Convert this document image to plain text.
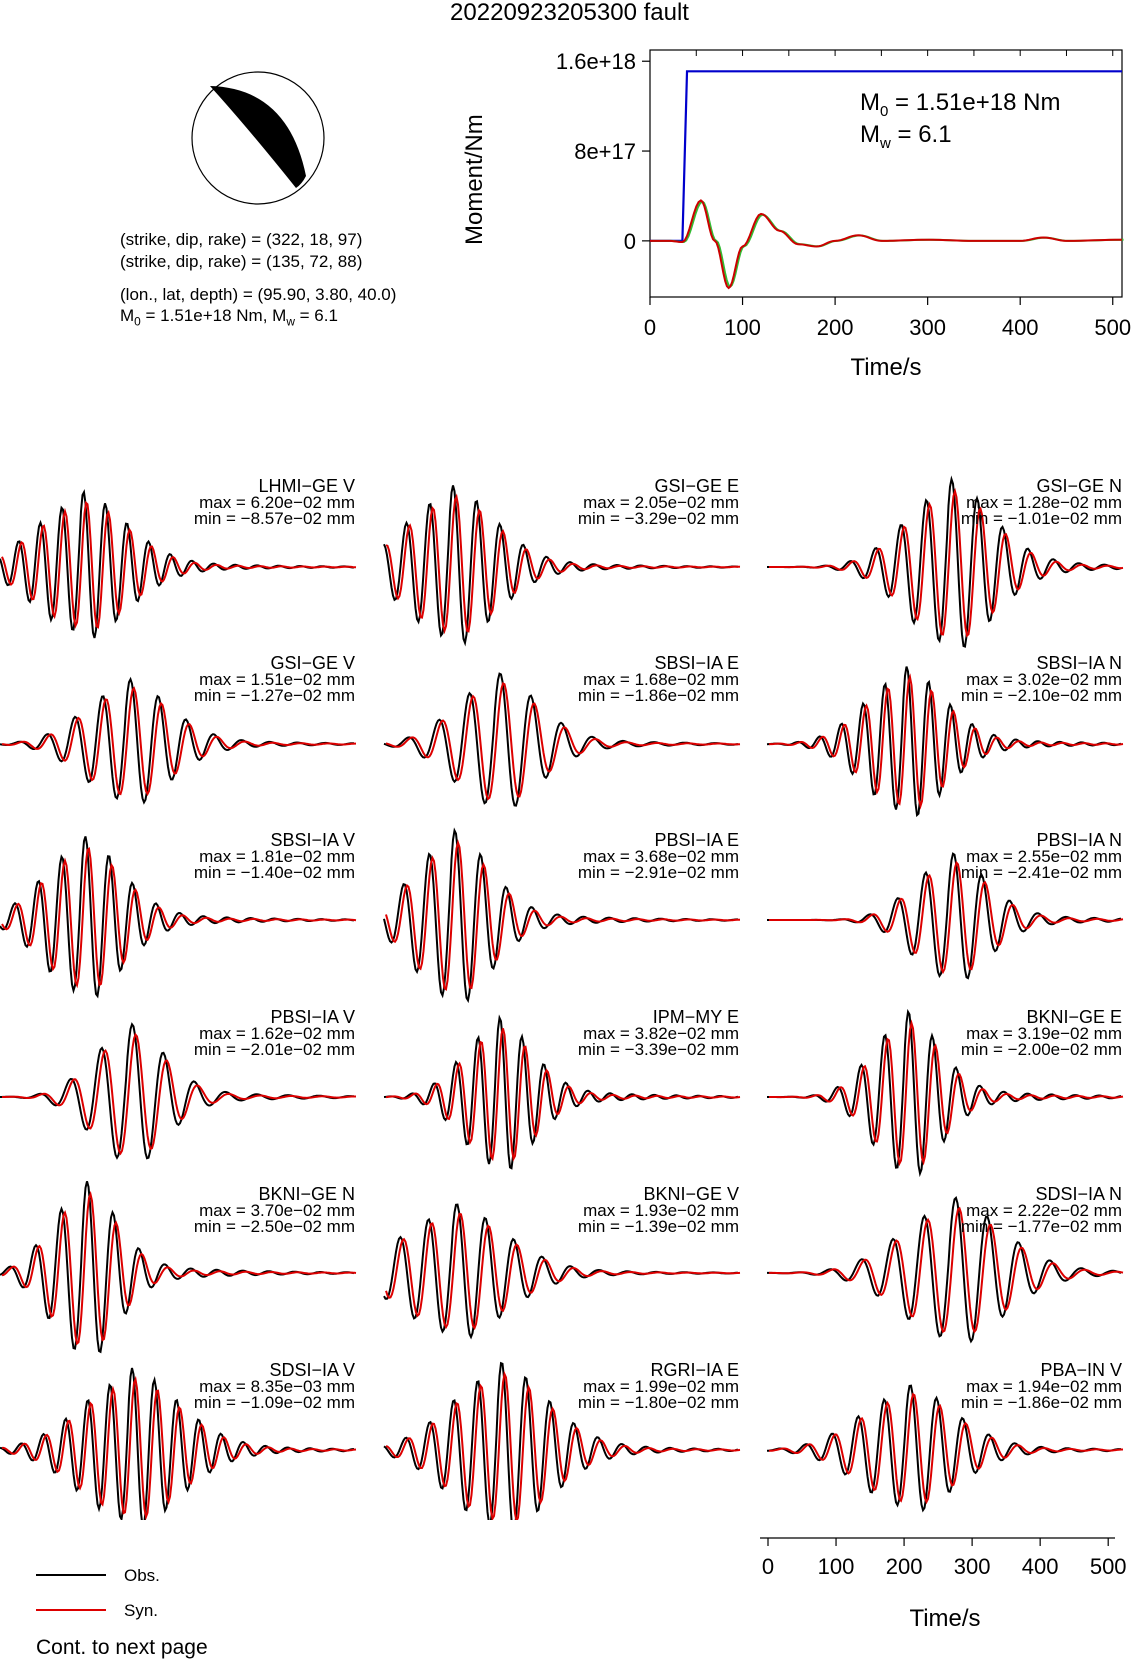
20220923205300 fault
(strike, dip, rake) = (322, 18, 97)
(strike, dip, rake) = (135, 72, 88)
(lon., lat, depth) = (95.90, 3.80, 40.0)
$M_0 = 1.51e+18$ Nm, $M_w = 6.1$
0
8e+17
1.6e+18
0	100	200	300	400	500
Moment/Nm
Time/s
$M_0 = 1.51e+18$ Nm
$M_w = 6.1$
LHMI−GE V
max = 6.20e−02 mm
min = −8.57e−02 mm
GSI−GE E
max = 2.05e−02 mm
min = −3.29e−02 mm
GSI−GE N
max = 1.28e−02 mm
min = −1.01e−02 mm
GSI−GE V
max = 1.51e−02 mm
min = −1.27e−02 mm
SBSI−IA E
max = 1.68e−02 mm
min = −1.86e−02 mm
SBSI−IA N
max = 3.02e−02 mm
min = −2.10e−02 mm
SBSI−IA V
max = 1.81e−02 mm
min = −1.40e−02 mm
PBSI−IA E
max = 3.68e−02 mm
min = −2.91e−02 mm
PBSI−IA N
max = 2.55e−02 mm
min = −2.41e−02 mm
PBSI−IA V
max = 1.62e−02 mm
min = −2.01e−02 mm
IPM−MY E
max = 3.82e−02 mm
min = −3.39e−02 mm
BKNI−GE E
max = 3.19e−02 mm
min = −2.00e−02 mm
BKNI−GE N
max = 3.70e−02 mm
min = −2.50e−02 mm
BKNI−GE V
max = 1.93e−02 mm
min = −1.39e−02 mm
SDSI−IA N
max = 2.22e−02 mm
min = −1.77e−02 mm
SDSI−IA V
max = 8.35e−03 mm
min = −1.09e−02 mm
RGRI−IA E
max = 1.99e−02 mm
min = −1.80e−02 mm
PBA−IN V
max = 1.94e−02 mm
min = −1.86e−02 mm
0 100 200 300 400 500
Time/s
Obs.
Syn.
Cont. to next page
